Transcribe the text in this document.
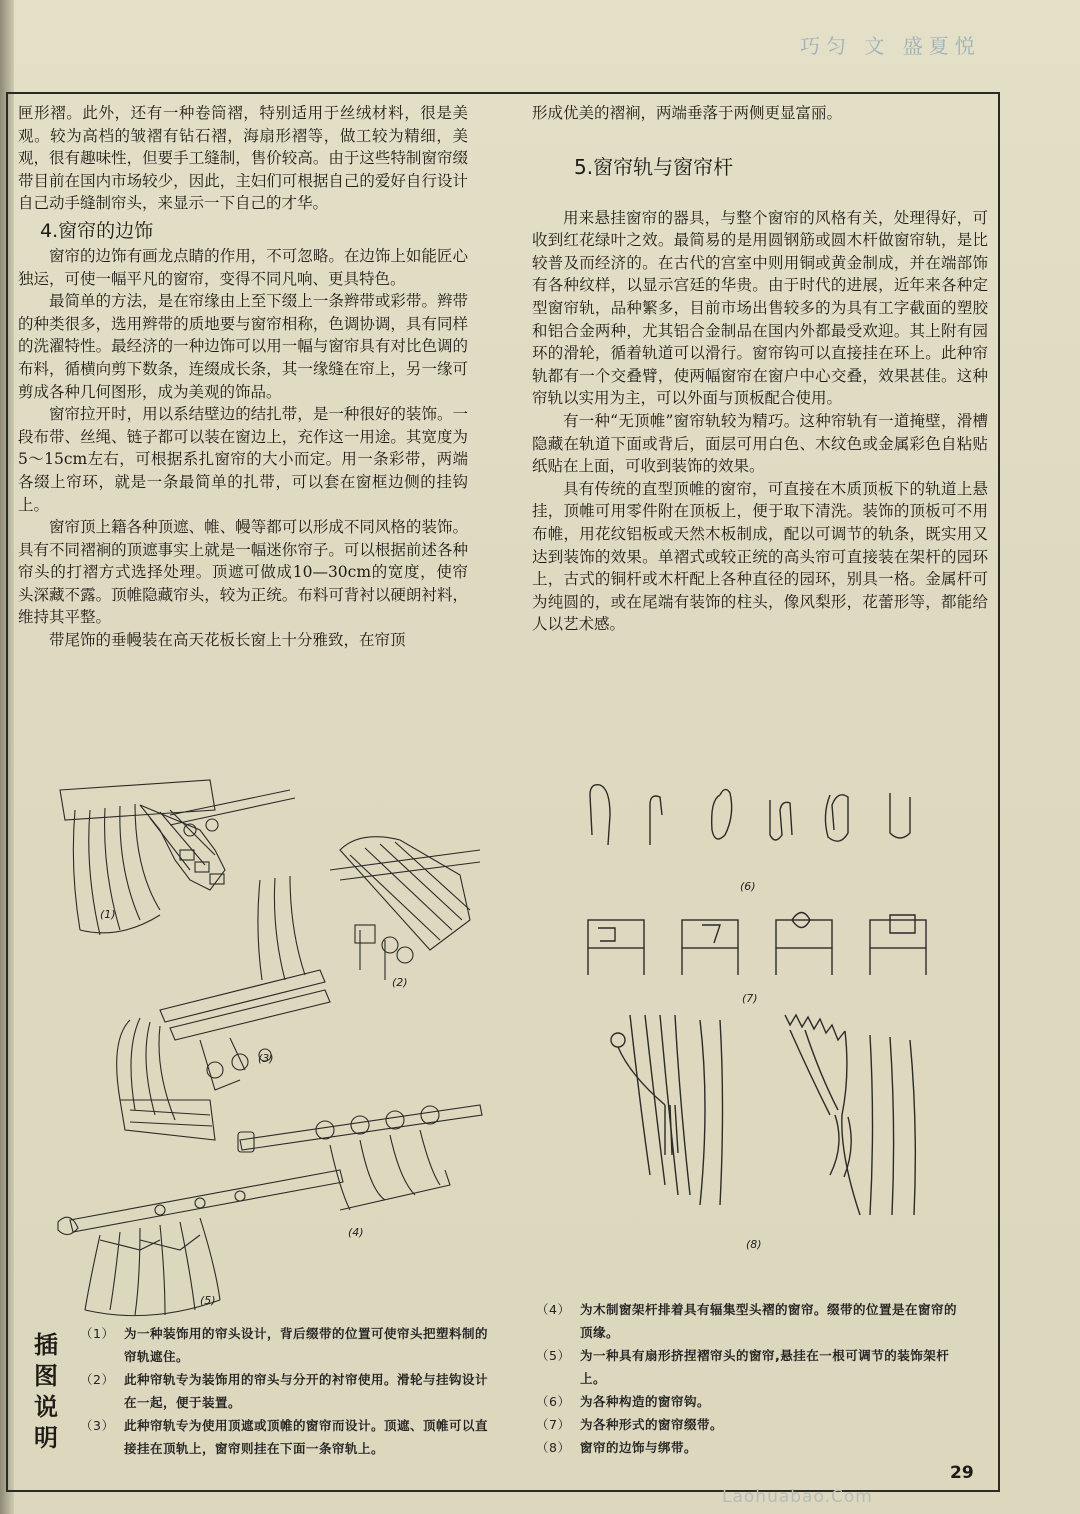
巧匀 文 盛夏悦

匣形褶。此外，还有一种卷筒褶，特别适用于丝绒材料，很是美观。较为高档的皱褶有钻石褶，海扇形褶等，做工较为精细，美观，很有趣味性，但要手工缝制，售价较高。由于这些特制窗帘缀带目前在国内市场较少，因此，主妇们可根据自己的爱好自行设计自己动手缝制帘头，来显示一下自己的才华。

4.窗帘的边饰

窗帘的边饰有画龙点睛的作用，不可忽略。在边饰上如能匠心独运，可使一幅平凡的窗帘，变得不同凡响、更具特色。

最简单的方法，是在帘缘由上至下缀上一条辫带或彩带。辫带的种类很多，选用辫带的质地要与窗帘相称，色调协调，具有同样的洗濯特性。最经济的一种边饰可以用一幅与窗帘具有对比色调的布料，循横向剪下数条，连缀成长条，其一缘缝在帘上，另一缘可剪成各种几何图形，成为美观的饰品。

窗帘拉开时，用以系结壁边的结扎带，是一种很好的装饰。一段布带、丝绳、链子都可以装在窗边上，充作这一用途。其宽度为5～15cm左右，可根据系扎窗帘的大小而定。用一条彩带，两端各缀上帘环，就是一条最简单的扎带，可以套在窗框边侧的挂钩上。

窗帘顶上籍各种顶遮、帷、幔等都可以形成不同风格的装饰。具有不同褶裥的顶遮事实上就是一幅迷你帘子。可以根据前述各种帘头的打褶方式选择处理。顶遮可做成10—30cm的宽度，使帘头深藏不露。顶帷隐藏帘头，较为正统。布料可背衬以硬朗衬料，维持其平整。

带尾饰的垂幔装在高天花板长窗上十分雅致，在帘顶

形成优美的褶裥，两端垂落于两侧更显富丽。

5.窗帘轨与窗帘杆

用来悬挂窗帘的器具，与整个窗帘的风格有关，处理得好，可收到红花绿叶之效。最简易的是用圆钢筋或圆木杆做窗帘轨，是比较普及而经济的。在古代的宫室中则用铜或黄金制成，并在端部饰有各种纹样，以显示宫廷的华贵。由于时代的进展，近年来各种定型窗帘轨，品种繁多，目前市场出售较多的为具有工字截面的塑胶和铝合金两种，尤其铝合金制品在国内外都最受欢迎。其上附有园环的滑轮，循着轨道可以滑行。窗帘钩可以直接挂在环上。此种帘轨都有一个交叠臂，使两幅窗帘在窗户中心交叠，效果甚佳。这种帘轨以实用为主，可以外面与顶板配合使用。

有一种“无顶帷”窗帘轨较为精巧。这种帘轨有一道掩壁，滑槽隐藏在轨道下面或背后，面层可用白色、木纹色或金属彩色自粘贴纸贴在上面，可收到装饰的效果。

具有传统的直型顶帷的窗帘，可直接在木质顶板下的轨道上悬挂，顶帷可用零件附在顶板上，便于取下清洗。装饰的顶板可不用布帷，用花纹铝板或天然木板制成，配以可调节的轨条，既实用又达到装饰的效果。单褶式或较正统的高头帘可直接装在架杆的园环上，古式的铜杆或木杆配上各种直径的园环，别具一格。金属杆可为纯圆的，或在尾端有装饰的柱头，像风梨形，花蕾形等，都能给人以艺术感。

(1)
(2)
(3)
(4)
(5)
(6)
(7)
(8)
插图说明
（1） 为一种装饰用的帘头设计，背后缀带的位置可使帘头把塑料制的帘轨遮住。
（2） 此种帘轨专为装饰用的帘头与分开的衬帘使用。滑轮与挂钩设计在一起，便于装置。
（3） 此种帘轨专为使用顶遮或顶帷的窗帘而设计。顶遮、顶帷可以直接挂在顶轨上，窗帘则挂在下面一条帘轨上。
（4） 为木制窗架杆排着具有辐集型头褶的窗帘。缀带的位置是在窗帘的顶缘。
（5） 为一种具有扇形挤捏褶帘头的窗帘,悬挂在一根可调节的装饰架杆上。
（6） 为各种构造的窗帘钩。
（7） 为各种形式的窗帘缀带。
（8） 窗帘的边饰与绑带。
29
Laohuabao.Com
